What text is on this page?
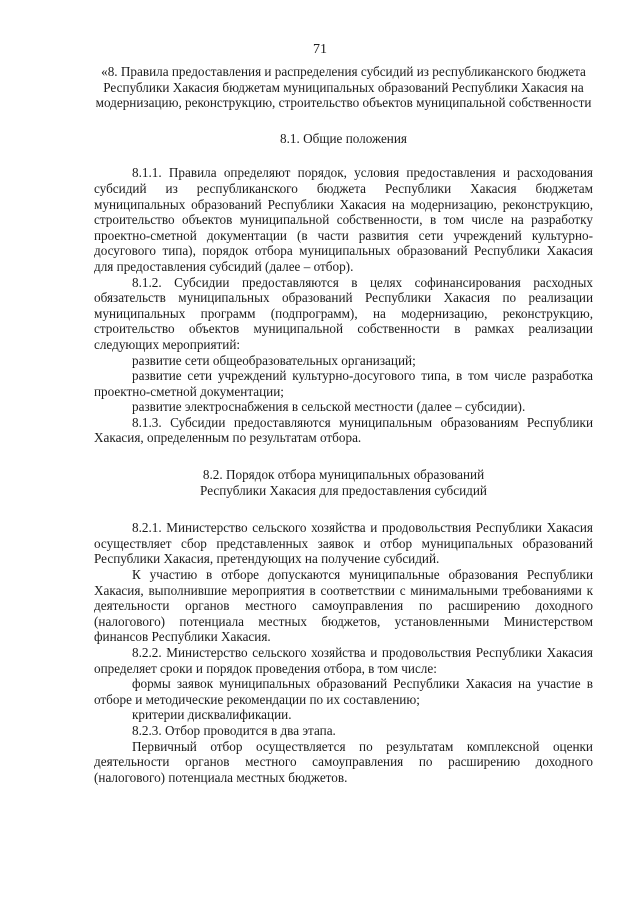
71
«8. Правила предоставления и распределения субсидий из республиканского бюджета Республики Хакасия бюджетам муниципальных образований Республики Хакасия на модернизацию, реконструкцию, строительство объектов муниципальной собственности
8.1. Общие положения

8.1.1. Правила определяют порядок, условия предоставления и расходования субсидий из республиканского бюджета Республики Хакасия бюджетам муниципальных образований Республики Хакасия на модернизацию, реконструкцию, строительство объектов муниципальной собственности, в том числе на разработку проектно-сметной документации (в части развития сети учреждений культурно-досугового типа), порядок отбора муниципальных образований Республики Хакасия для предоставления субсидий (далее – отбор).

8.1.2. Субсидии предоставляются в целях софинансирования расходных обязательств муниципальных образований Республики Хакасия по реализации муниципальных программ (подпрограмм), на модернизацию, реконструкцию, строительство объектов муниципальной собственности в рамках реализации следующих мероприятий:

развитие сети общеобразовательных организаций;

развитие сети учреждений культурно-досугового типа, в том числе разработка проектно-сметной документации;

развитие электроснабжения в сельской местности (далее – субсидии).

8.1.3. Субсидии предоставляются муниципальным образованиям Республики Хакасия, определенным по результатам отбора.

8.2. Порядок отбора муниципальных образований
Республики Хакасия для предоставления субсидий

8.2.1. Министерство сельского хозяйства и продовольствия Республики Хакасия осуществляет сбор представленных заявок и отбор муниципальных образований Республики Хакасия, претендующих на получение субсидий.

К участию в отборе допускаются муниципальные образования Республики Хакасия, выполнившие мероприятия в соответствии с минимальными требованиями к деятельности органов местного самоуправления по расширению доходного (налогового) потенциала местных бюджетов, установленными Министерством финансов Республики Хакасия.

8.2.2. Министерство сельского хозяйства и продовольствия Республики Хакасия определяет сроки и порядок проведения отбора, в том числе:

формы заявок муниципальных образований Республики Хакасия на участие в отборе и методические рекомендации по их составлению;

критерии дисквалификации.

8.2.3. Отбор проводится в два этапа.

Первичный отбор осуществляется по результатам комплексной оценки деятельности органов местного самоуправления по расширению доходного (налогового) потенциала местных бюджетов.
